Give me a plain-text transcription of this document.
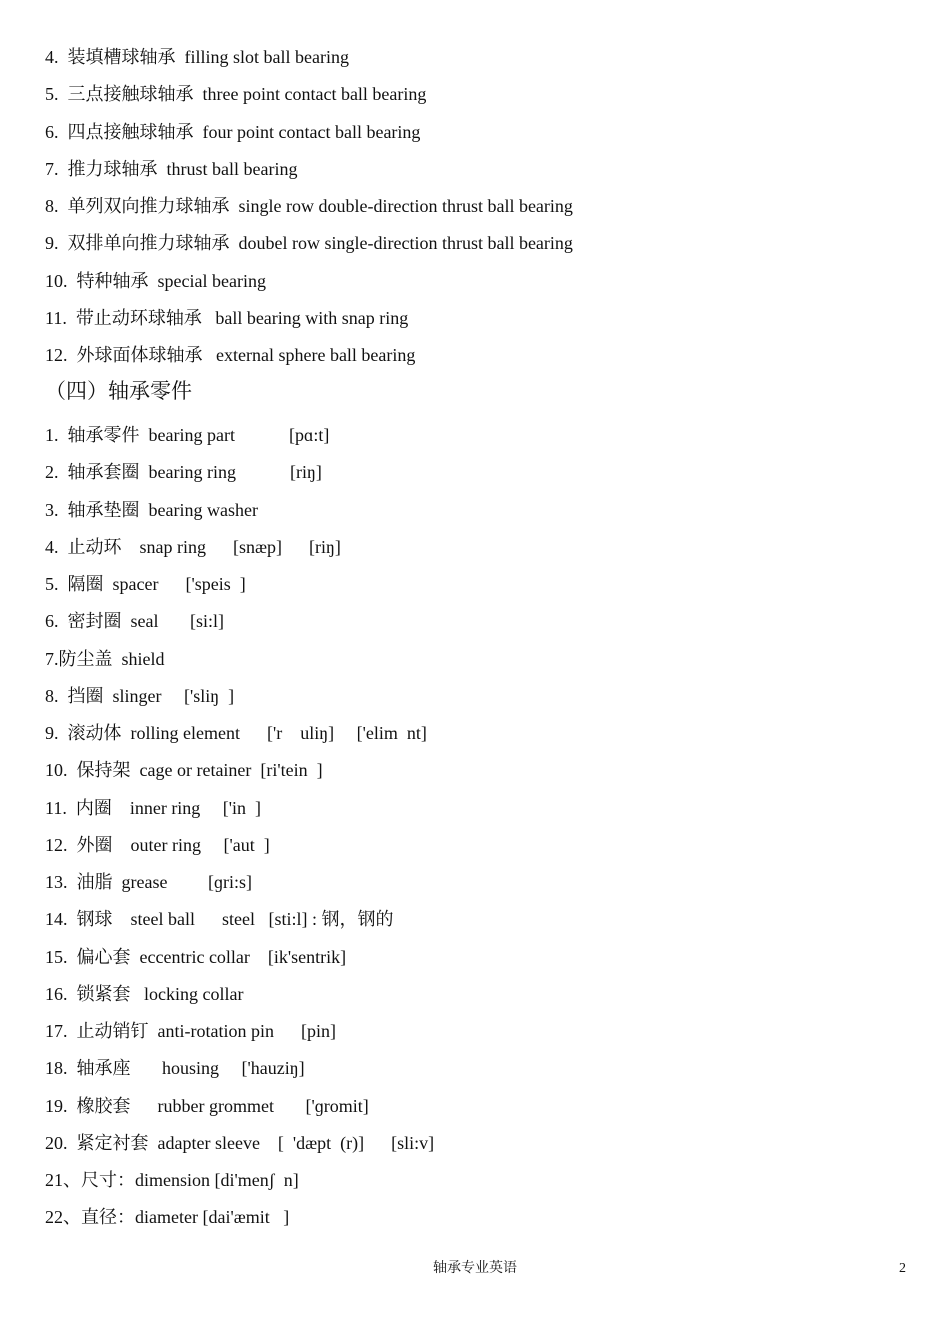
4.  装填槽球轴承  filling slot ball bearing
5.  三点接触球轴承  three point contact ball bearing
6.  四点接触球轴承  four point contact ball bearing
7.  推力球轴承  thrust ball bearing
8.  单列双向推力球轴承  single row double-direction thrust ball bearing
9.  双排单向推力球轴承  doubel row single-direction thrust ball bearing
10.  特种轴承  special bearing
11.  带止动环球轴承   ball bearing with snap ring
12.  外球面体球轴承   external sphere ball bearing
（四）轴承零件
1.  轴承零件  bearing part            [pɑ:t]
2.  轴承套圈  bearing ring            [riŋ]
3.  轴承垫圈  bearing washer
4.  止动环    snap ring      [snæp]      [riŋ]
5.  隔圈  spacer      ['speis  ]
6.  密封圈  seal       [si:l]
7.防尘盖  shield
8.  挡圈  slinger     ['sliŋ  ]
9.  滚动体  rolling element      ['r    uliŋ]     ['elim  nt]
10.  保持架  cage or retainer  [ri'tein  ]
11.  内圈    inner ring     ['in  ]
12.  外圈    outer ring     ['aut  ]
13.  油脂  grease         [ɡri:s]
14.  钢球    steel ball      steel   [sti:l] : 钢，钢的
15.  偏心套  eccentric collar    [ik'sentrik]
16.  锁紧套   locking collar
17.  止动销钉  anti-rotation pin      [pin]
18.  轴承座       housing     ['hauziŋ]
19.  橡胶套      rubber grommet       ['ɡromit]
20.  紧定衬套  adapter sleeve    [  'dæpt  (r)]      [sli:v]
21、尺寸：dimension [di'menʃ  n]
22、直径：diameter [dai'æmit   ]
轴承专业英语	2
